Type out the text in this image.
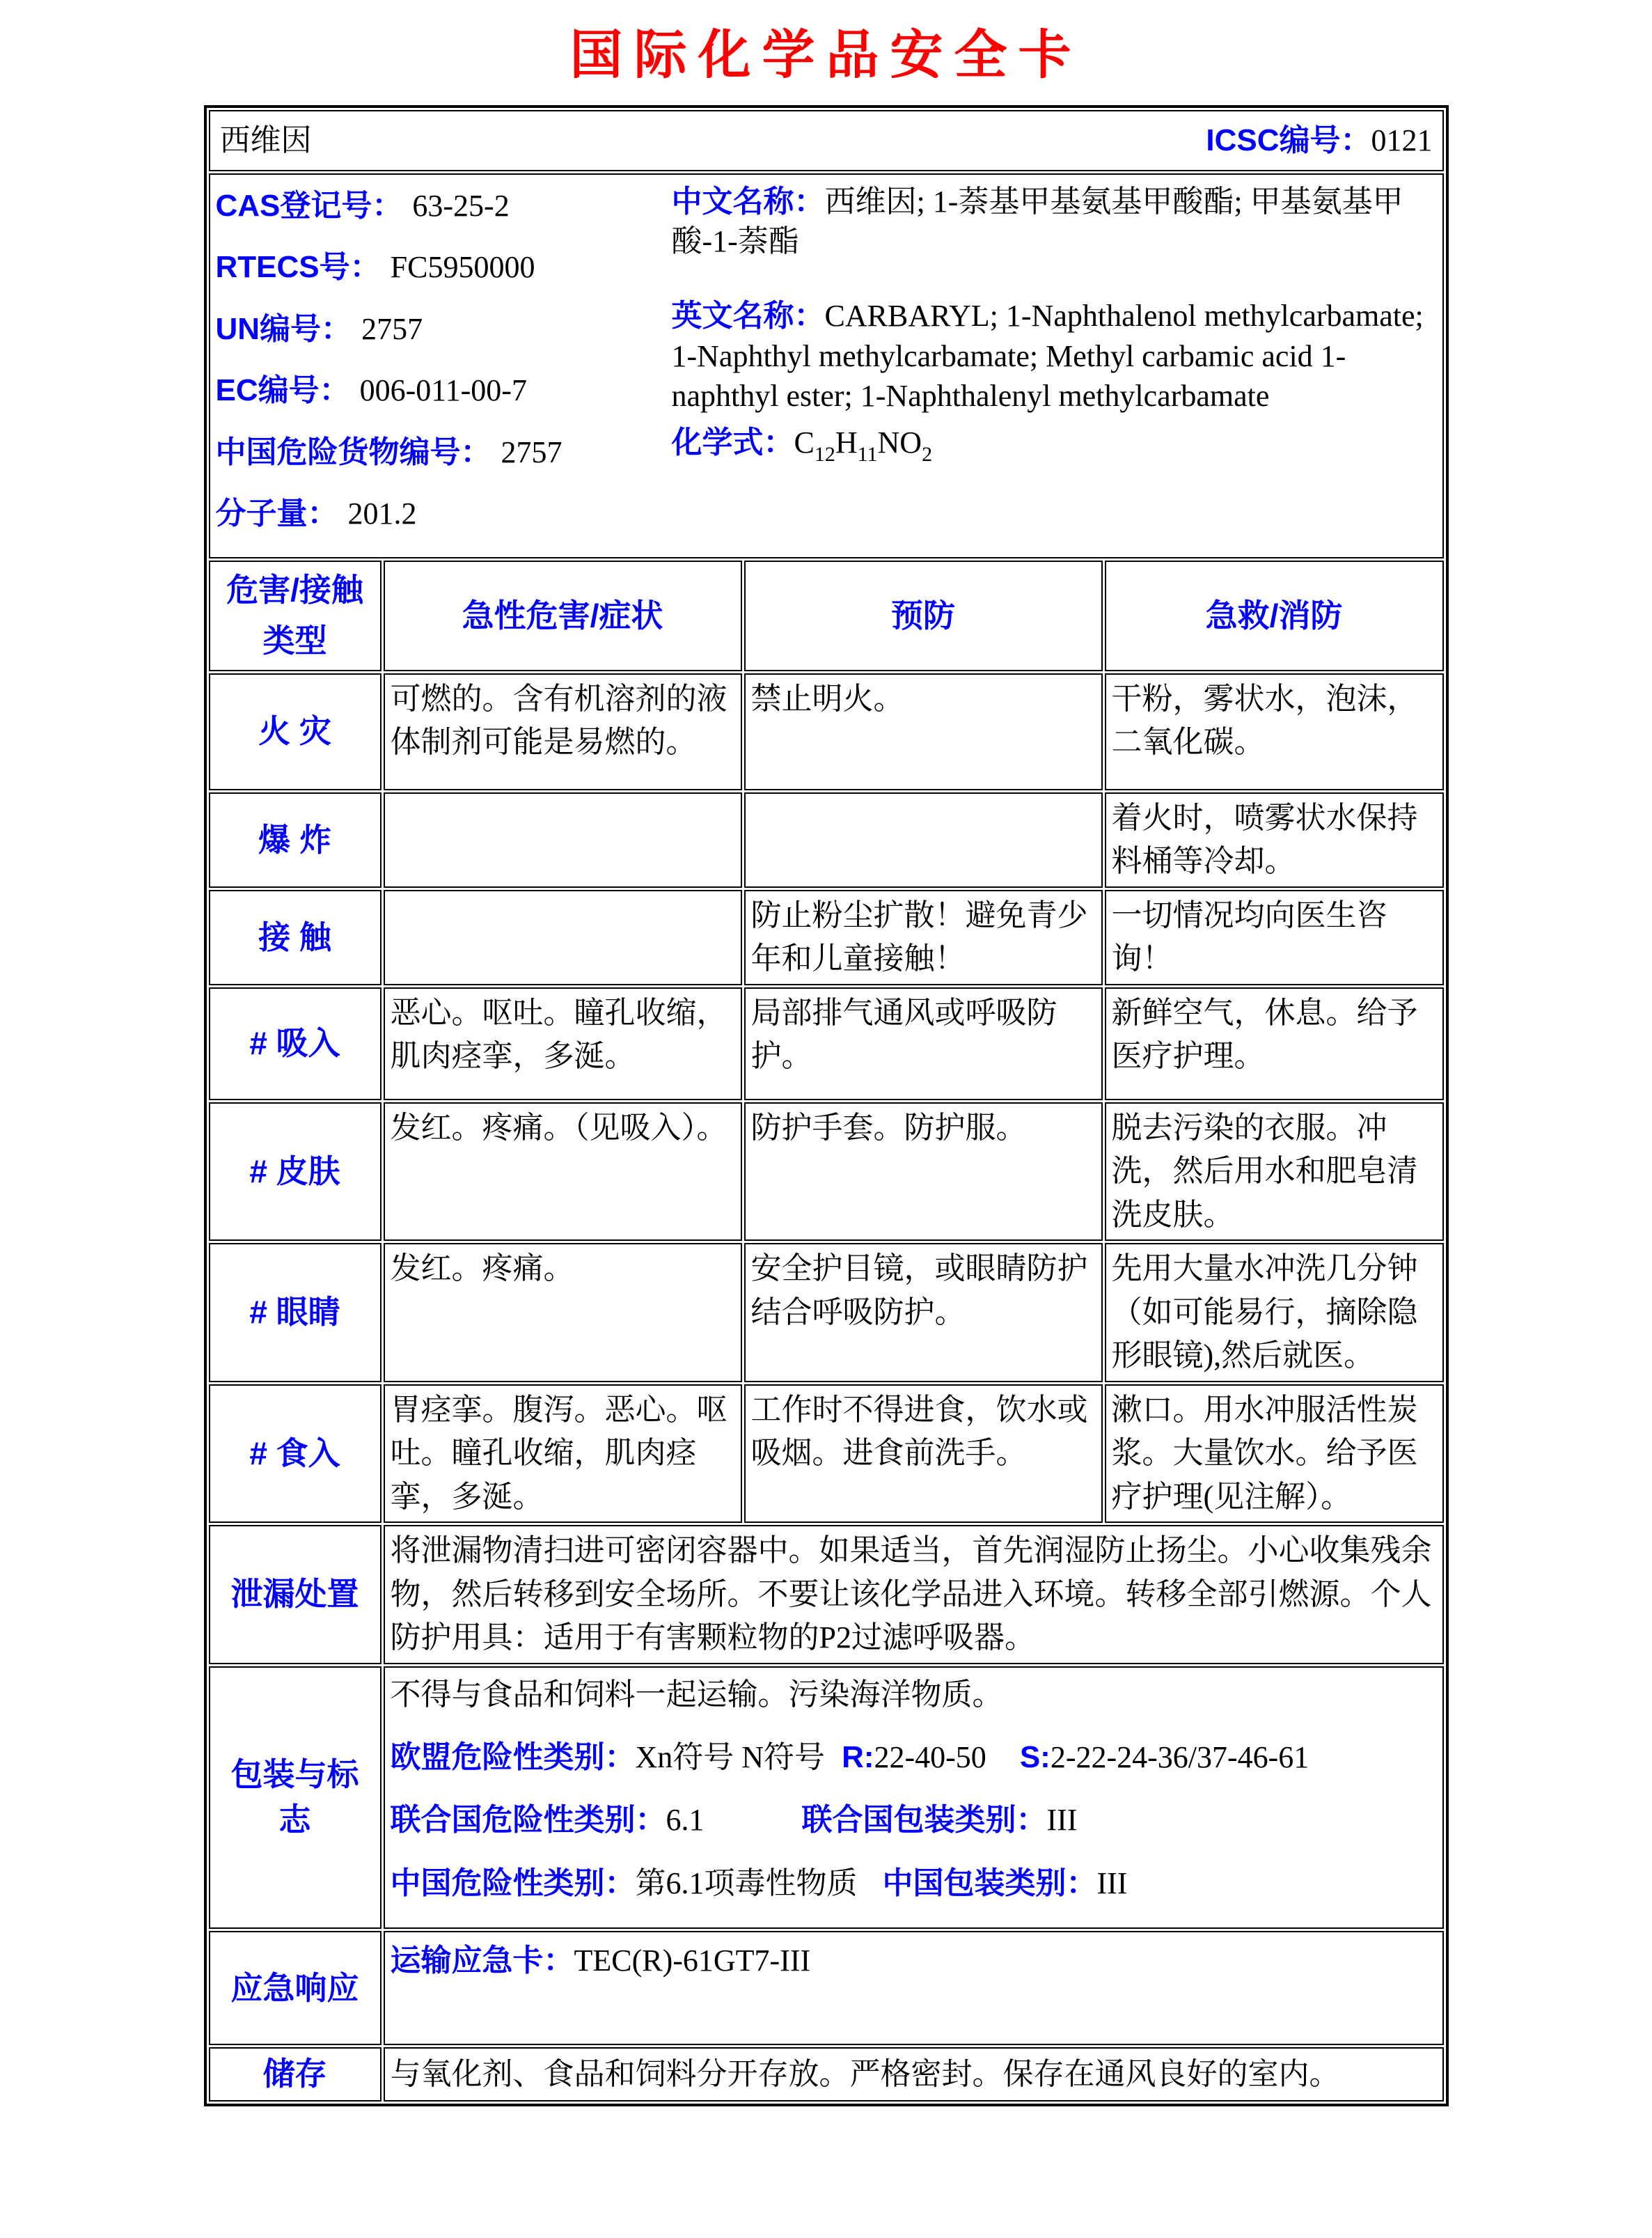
国际化学品安全卡
西维因 ICSC编号：0121			

CAS登记号： 63-25-2
RTECS号： FC5950000
UN编号： 2757
EC编号： 006-011-00-7
中国危险货物编号： 2757
分子量： 201.2

中文名称：西维因; 1-萘基甲基氨基甲酸酯; 甲基氨基甲酸-1-萘酯

英文名称：CARBARYL; 1-Naphthalenol methylcarbamate; 1-Naphthyl methylcarbamate; Methyl carbamic acid 1-naphthyl ester; 1-Naphthalenyl methylcarbamate

化学式：$C_{12}H_{11}NO_2$

危害/接触类型	急性危害/症状	预防	急救/消防
火 灾	可燃的。含有机溶剂的液体制剂可能是易燃的。	禁止明火。	干粉，雾状水，泡沫，二氧化碳。
爆 炸			着火时，喷雾状水保持料桶等冷却。
接 触		防止粉尘扩散！避免青少年和儿童接触！	一切情况均向医生咨询！
# 吸入	恶心。呕吐。瞳孔收缩，肌肉痉挛，多涎。	局部排气通风或呼吸防护。	新鲜空气，休息。给予医疗护理。
# 皮肤	发红。疼痛。（见吸入）。	防护手套。防护服。	脱去污染的衣服。冲洗，然后用水和肥皂清洗皮肤。
# 眼睛	发红。疼痛。	安全护目镜，或眼睛防护结合呼吸防护。	先用大量水冲洗几分钟（如可能易行，摘除隐形眼镜),然后就医。
# 食入	胃痉挛。腹泻。恶心。呕吐。瞳孔收缩，肌肉痉挛，多涎。	工作时不得进食，饮水或吸烟。进食前洗手。	漱口。用水冲服活性炭浆。大量饮水。给予医疗护理(见注解）。
泄漏处置	将泄漏物清扫进可密闭容器中。如果适当，首先润湿防止扬尘。小心收集残余物，然后转移到安全场所。不要让该化学品进入环境。转移全部引燃源。个人防护用具：适用于有害颗粒物的P2过滤呼吸器。		
包装与标志	不得与食品和饲料一起运输。污染海洋物质。

欧盟危险性类别：Xn符号 N符号 R:22-40-50 S:2-22-24-36/37-46-61

联合国危险性类别：6.1 联合国包装类别：III

中国危险性类别：第6.1项毒性物质 中国包装类别：III		

应急响应	运输应急卡：TEC(R)-61GT7-III		

储存	与氧化剂、食品和饲料分开存放。严格密封。保存在通风良好的室内。		
